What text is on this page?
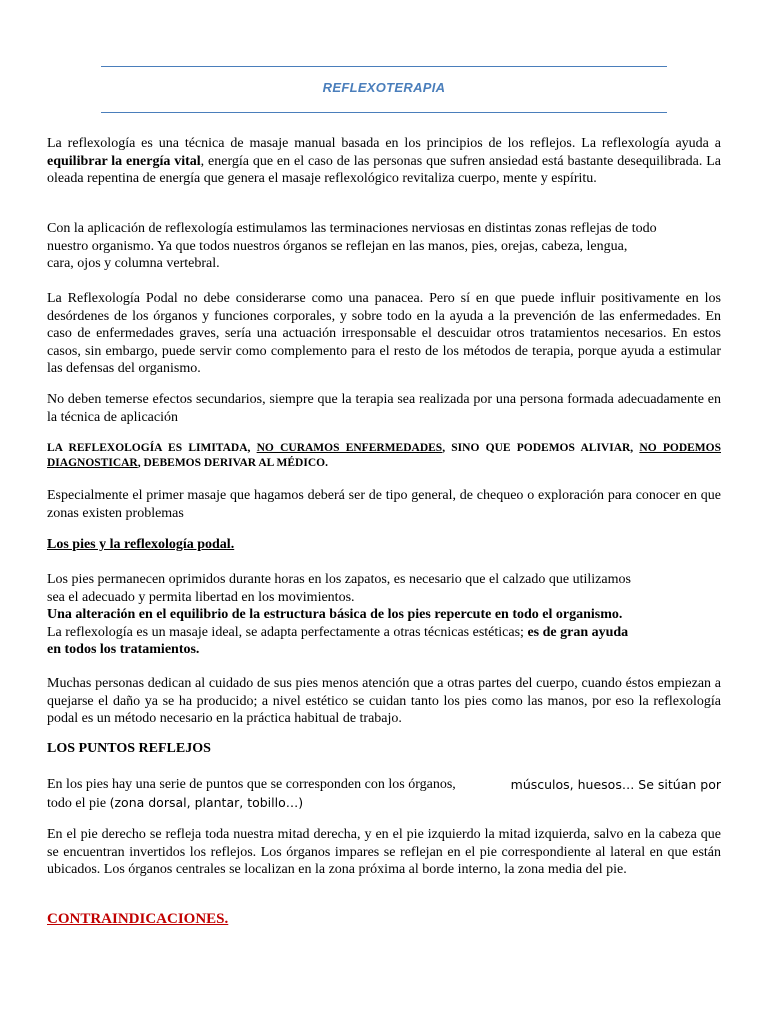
REFLEXOTERAPIA

La reflexología es una técnica de masaje manual basada en los principios de los reflejos. La reflexología ayuda a equilibrar la energía vital, energía que en el caso de las personas que sufren ansiedad está bastante desequilibrada. La oleada repentina de energía que genera el masaje reflexológico revitaliza cuerpo, mente y espíritu.

Con la aplicación de reflexología estimulamos las terminaciones nerviosas en distintas zonas reflejas de todo
nuestro organismo. Ya que todos nuestros órganos se reflejan en las manos, pies, orejas, cabeza, lengua,
cara, ojos y columna vertebral.

La Reflexología Podal no debe considerarse como una panacea. Pero sí en que puede influir positivamente en los desórdenes de los órganos y funciones corporales, y sobre todo en la ayuda a la prevención de las enfermedades. En caso de enfermedades graves, sería una actuación irresponsable el descuidar otros tratamientos necesarios. En estos casos, sin embargo, puede servir como complemento para el resto de los métodos de terapia, porque ayuda a estimular las defensas del organismo.

No deben temerse efectos secundarios, siempre que la terapia sea realizada por una persona formada adecuadamente en la técnica de aplicación

LA REFLEXOLOGÍA ES LIMITADA, NO CURAMOS ENFERMEDADES, SINO QUE PODEMOS ALIVIAR, NO PODEMOS DIAGNOSTICAR, DEBEMOS DERIVAR AL MÉDICO.

Especialmente el primer masaje que hagamos deberá ser de tipo general, de chequeo o exploración para conocer en que zonas existen problemas

Los pies y la reflexología podal.
Los pies permanecen oprimidos durante horas en los zapatos, es necesario que el calzado que utilizamos
sea el adecuado y permita libertad en los movimientos.
Una alteración en el equilibrio de la estructura básica de los pies repercute en todo el organismo.
La reflexología es un masaje ideal, se adapta perfectamente a otras técnicas estéticas; es de gran ayuda
en todos los tratamientos.

Muchas personas dedican al cuidado de sus pies menos atención que a otras partes del cuerpo, cuando éstos empiezan a quejarse el daño ya se ha producido; a nivel estético se cuidan tanto los pies como las manos, por eso la reflexología podal es un método necesario en la práctica habitual de trabajo.

LOS PUNTOS REFLEJOS
En los pies hay una serie de puntos que se corresponden con los órganos,	músculos, huesos… Se sitúan por
todo el pie (zona dorsal, plantar, tobillo…)

En el pie derecho se refleja toda nuestra mitad derecha, y en el pie izquierdo la mitad izquierda, salvo en la cabeza que se encuentran invertidos los reflejos. Los órganos impares se reflejan en el pie correspondiente al lateral en que están ubicados. Los órganos centrales se localizan en la zona próxima al borde interno, la zona media del pie.

CONTRAINDICACIONES.
